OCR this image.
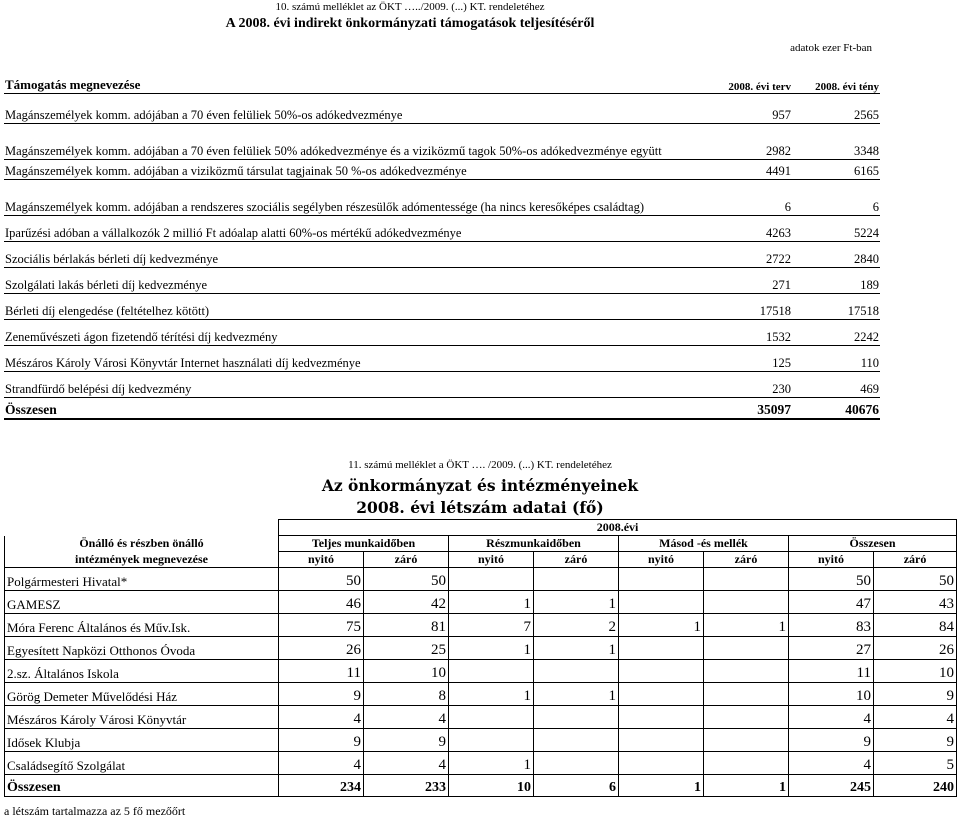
10. számú melléklet az ÖKT …../2009. (...) KT. rendeletéhez
A 2008. évi indirekt önkormányzati támogatások teljesítéséről
adatok ezer Ft-ban
Támogatás megnevezése	2008. évi terv	2008. évi tény

Magánszemélyek komm. adójában a 70 éven felüliek 50%-os adókedvezménye	957	2565
Magánszemélyek komm. adójában a 70 éven felüliek 50% adókedvezménye és a viziközmű tagok 50%-os adókedvezménye együtt	2982	3348
Magánszemélyek komm. adójában a viziközmű társulat tagjainak 50 %-os adókedvezménye	4491	6165
Magánszemélyek komm. adójában a rendszeres szociális segélyben részesülők adómentessége (ha nincs keresőképes családtag)	6	6
Iparűzési adóban a vállalkozók 2 millió Ft adóalap alatti 60%-os mértékű adókedvezménye	4263	5224
Szociális bérlakás bérleti díj kedvezménye	2722	2840
Szolgálati lakás bérleti díj kedvezménye	271	189
Bérleti díj elengedése (feltételhez kötött)	17518	17518
Zeneművészeti ágon fizetendő térítési díj kedvezmény	1532	2242
Mészáros Károly Városi Könyvtár Internet használati díj kedvezménye	125	110
Strandfürdő belépési díj kedvezmény	230	469
Összesen	35097	40676
11. számú melléklet a ÖKT …. /2009. (...) KT. rendeletéhez
Az önkormányzat és intézményeinek
2008. évi létszám adatai (fő)
	2008.évi							
Önálló és részben önálló	Teljes munkaidőben		Részmunkaidőben		Másod -és mellék		Összesen	
intézmények megnevezése	nyitó	záró	nyitó	záró	nyitó	záró	nyitó	záró
Polgármesteri Hivatal*	50	50					50	50
GAMESZ	46	42	1	1			47	43
Móra Ferenc Általános és Műv.Isk.	75	81	7	2	1	1	83	84
Egyesített Napközi Otthonos Óvoda	26	25	1	1			27	26
2.sz. Általános Iskola	11	10					11	10
Görög Demeter Művelődési Ház	9	8	1	1			10	9
Mészáros Károly Városi Könyvtár	4	4					4	4
Idősek Klubja	9	9					9	9
Családsegítő Szolgálat	4	4	1				4	5
Összesen	234	233	10	6	1	1	245	240
a létszám tartalmazza az 5 fő mezőőrt
